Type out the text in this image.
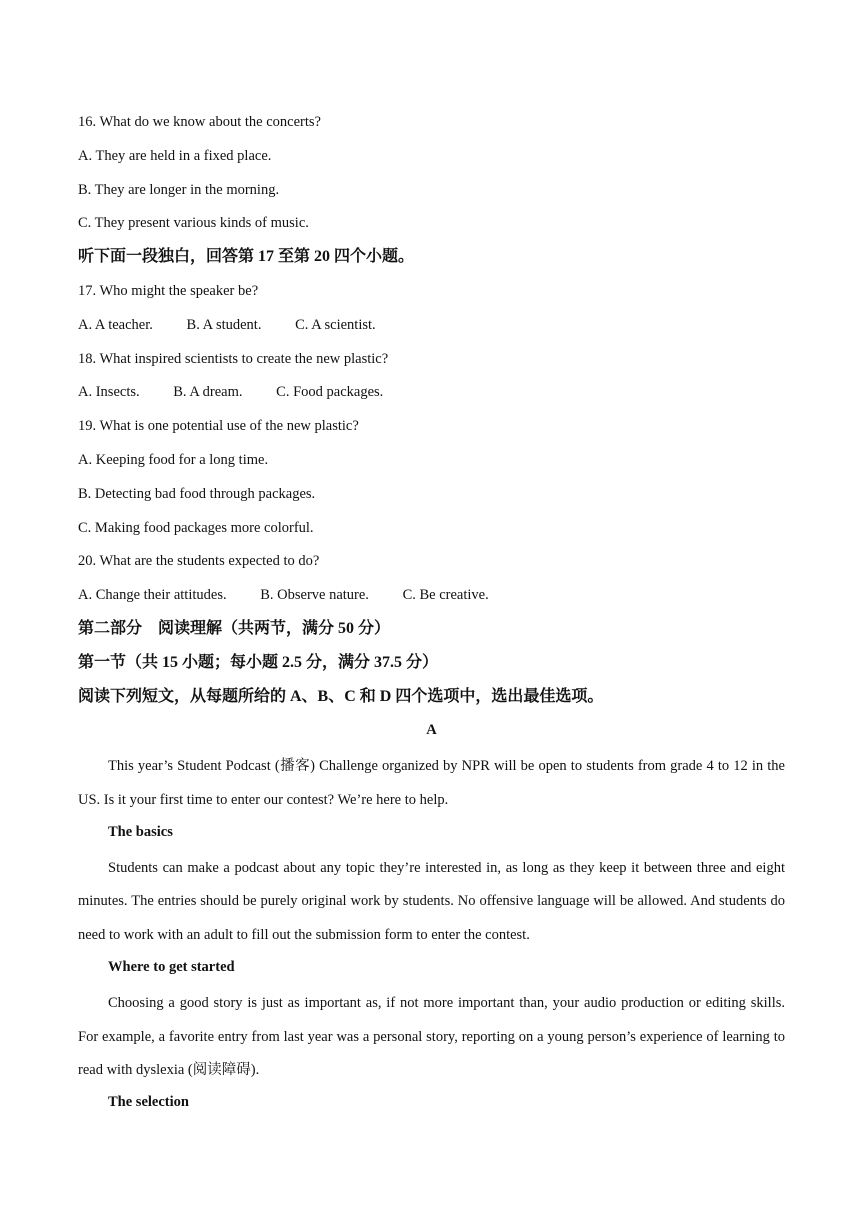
16. What do we know about the concerts?
A. They are held in a fixed place.
B. They are longer in the morning.
C. They present various kinds of music.
听下面一段独白，回答第 17 至第 20 四个小题。
17. Who might the speaker be?
A. A teacher. B. A student. C. A scientist.
18. What inspired scientists to create the new plastic?
A. Insects. B. A dream. C. Food packages.
19. What is one potential use of the new plastic?
A. Keeping food for a long time.
B. Detecting bad food through packages.
C. Making food packages more colorful.
20. What are the students expected to do?
A. Change their attitudes. B. Observe nature. C. Be creative.
第二部分　阅读理解（共两节，满分 50 分）
第一节（共 15 小题；每小题 2.5 分，满分 37.5 分）
阅读下列短文，从每题所给的 A、B、C 和 D 四个选项中，选出最佳选项。
A

This year’s Student Podcast (播客) Challenge organized by NPR will be open to students from grade 4 to 12 in the US. Is it your first time to enter our contest? We’re here to help.

The basics

Students can make a podcast about any topic they’re interested in, as long as they keep it between three and eight minutes. The entries should be purely original work by students. No offensive language will be allowed. And students do need to work with an adult to fill out the submission form to enter the contest.

Where to get started

Choosing a good story is just as important as, if not more important than, your audio production or editing skills. For example, a favorite entry from last year was a personal story, reporting on a young person’s experience of learning to read with dyslexia (阅读障碍).

The selection
